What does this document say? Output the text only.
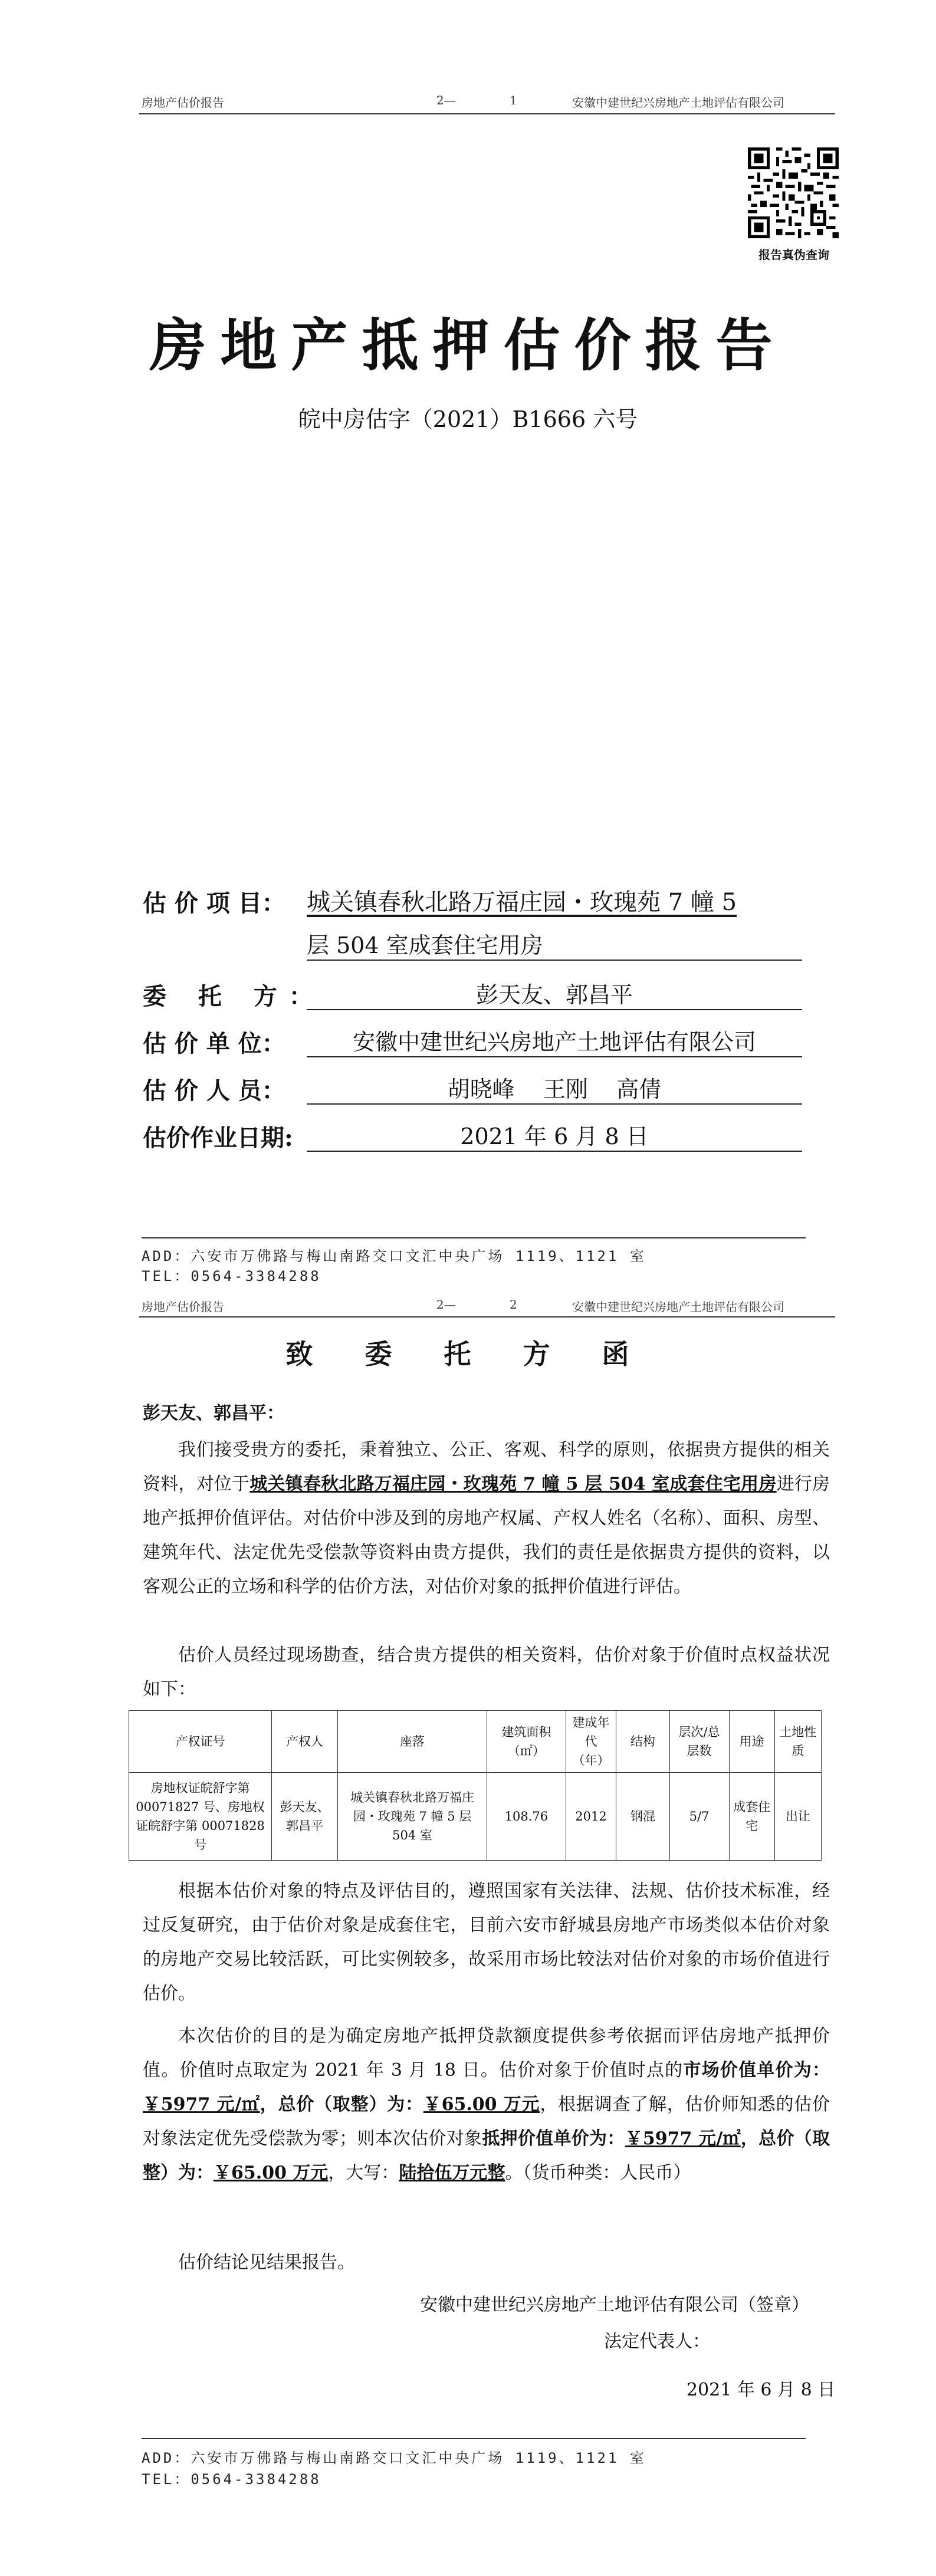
房地产估价报告	2—	1	安徽中建世纪兴房地产土地评估有限公司
报告真伪查询
房地产抵押估价报告
皖中房估字（2021）B1666 六号
估 价 项 目： 城关镇春秋北路万福庄园・玫瑰苑 7 幢 5
层 504 室成套住宅用房
委 托 方：	彭天友、郭昌平
估 价 单 位：	安徽中建世纪兴房地产土地评估有限公司
估 价 人 员：	胡晓峰    王刚    高倩
估价作业日期:	2021 年 6 月 8 日
ADD：六安市万佛路与梅山南路交口文汇中央广场 1119、1121 室
TEL：0564-3384288
房地产估价报告	2—	2	安徽中建世纪兴房地产土地评估有限公司
致 委 托 方 函
彭天友、郭昌平：
我们接受贵方的委托，秉着独立、公正、客观、科学的原则，依据贵方提供的相关资料，对位于城关镇春秋北路万福庄园・玫瑰苑 7 幢 5 层 504 室成套住宅用房进行房地产抵押价值评估。对估价中涉及到的房地产权属、产权人姓名（名称）、面积、房型、建筑年代、法定优先受偿款等资料由贵方提供，我们的责任是依据贵方提供的资料，以客观公正的立场和科学的估价方法，对估价对象的抵押价值进行评估。
估价人员经过现场勘查，结合贵方提供的相关资料，估价对象于价值时点权益状况如下：
产权证号	产权人	座落	建筑面积（㎡）	建成年代（年）	结构	层次/总层数	用途	土地性质
房地权证皖舒字第 00071827 号、房地权证皖舒字第 00071828 号	彭天友、郭昌平	城关镇春秋北路万福庄园・玫瑰苑 7 幢 5 层 504 室	108.76	2012	钢混	5/7	成套住宅	出让
根据本估价对象的特点及评估目的，遵照国家有关法律、法规、估价技术标准，经过反复研究，由于估价对象是成套住宅，目前六安市舒城县房地产市场类似本估价对象的房地产交易比较活跃，可比实例较多，故采用市场比较法对估价对象的市场价值进行估价。
本次估价的目的是为确定房地产抵押贷款额度提供参考依据而评估房地产抵押价值。价值时点取定为 2021 年 3 月 18 日。估价对象于价值时点的市场价值单价为：￥5977 元/㎡，总价（取整）为：￥65.00 万元，根据调查了解，估价师知悉的估价对象法定优先受偿款为零；则本次估价对象抵押价值单价为：￥5977 元/㎡，总价（取整）为：￥65.00 万元，大写：陆拾伍万元整。（货币种类：人民币）
估价结论见结果报告。
安徽中建世纪兴房地产土地评估有限公司（签章）
法定代表人：
2021 年 6 月 8 日
ADD：六安市万佛路与梅山南路交口文汇中央广场 1119、1121 室
TEL：0564-3384288
